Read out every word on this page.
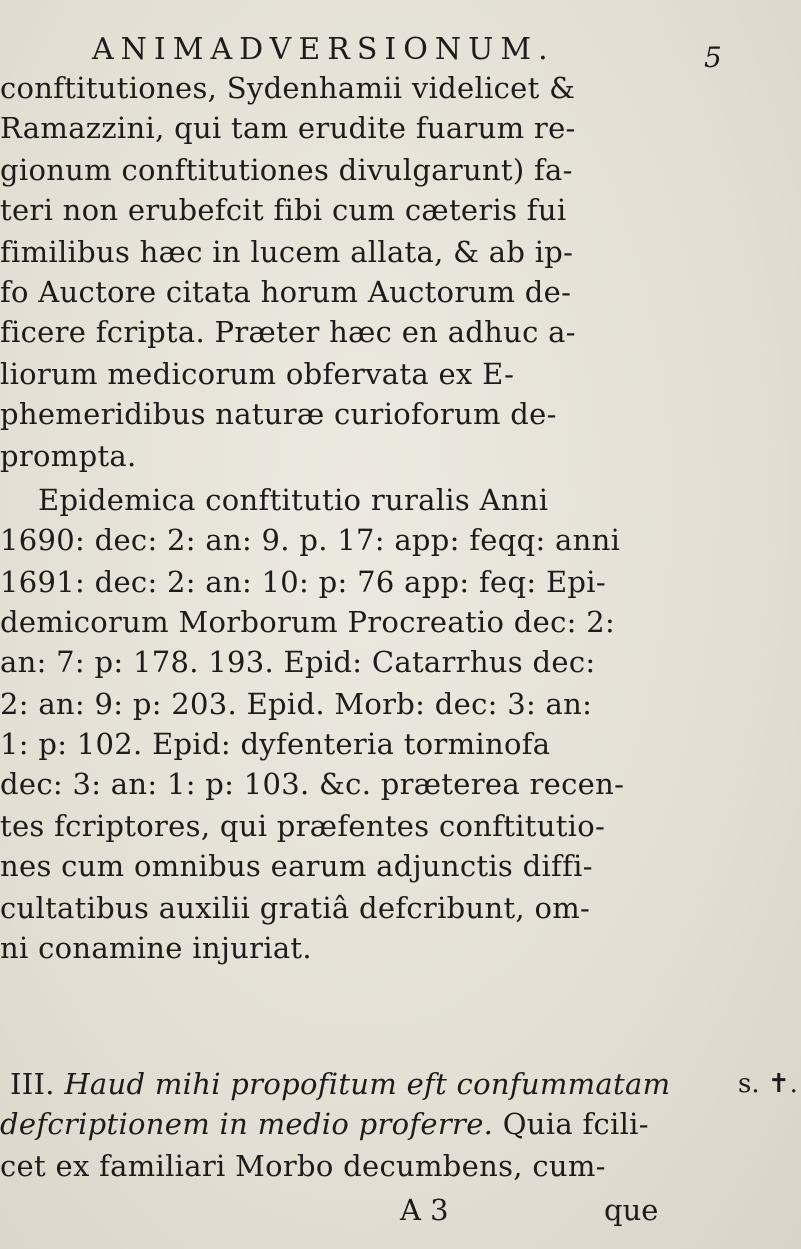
ANIMADVERSIONUM.	5
conftitutiones, Sydenhamii videlicet &
Ramazzini, qui tam erudite fuarum re-
gionum conftitutiones divulgarunt) fa-
teri non erubefcit fibi cum cæteris fui
fimilibus hæc in lucem allata, & ab ip-
fo Auctore citata horum Auctorum de-
ficere fcripta. Præter hæc en adhuc a-
liorum medicorum obfervata ex E-
phemeridibus naturæ curioforum de-
prompta.
Epidemica conftitutio ruralis Anni
1690: dec: 2: an: 9. p. 17: app: feqq: anni
1691: dec: 2: an: 10: p: 76 app: feq: Epi-
demicorum Morborum Procreatio dec: 2:
an: 7: p: 178. 193. Epid: Catarrhus dec:
2: an: 9: p: 203. Epid. Morb: dec: 3: an:
1: p: 102. Epid: dyfenteria torminofa
dec: 3: an: 1: p: 103. &c. præterea recen-
tes fcriptores, qui præfentes conftitutio-
nes cum omnibus earum adjunctis diffi-
cultatibus auxilii gratiâ defcribunt, om-
ni conamine injuriat.
III. Haud mihi propofitum eft confummatam
defcriptionem in medio proferre. Quia fcili-
s. ✝.
cet ex familiari Morbo decumbens, cum-
A 3	que
